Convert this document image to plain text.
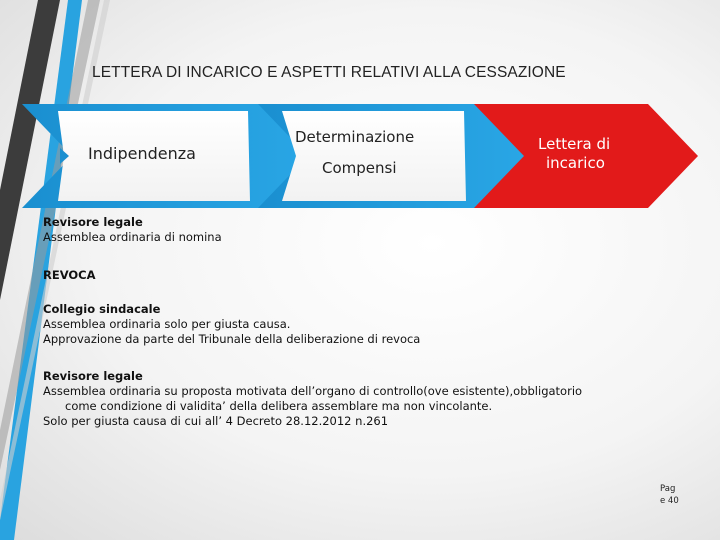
LETTERA DI INCARICO E ASPETTI RELATIVI ALLA CESSAZIONE
Indipendenza
Determinazione
Compensi
Lettera di
incarico
Revisore legale
Assemblea ordinaria di nomina
REVOCA
Collegio sindacale
Assemblea ordinaria solo per giusta causa.
Approvazione da parte del Tribunale della deliberazione di revoca
Revisore legale
Assemblea ordinaria su proposta motivata dell’organo di controllo(ove esistente),obbligatorio
come condizione di validita’ della delibera assemblare ma non vincolante.
Solo per giusta causa di cui all’ 4 Decreto 28.12.2012 n.261
Pag
e 40
